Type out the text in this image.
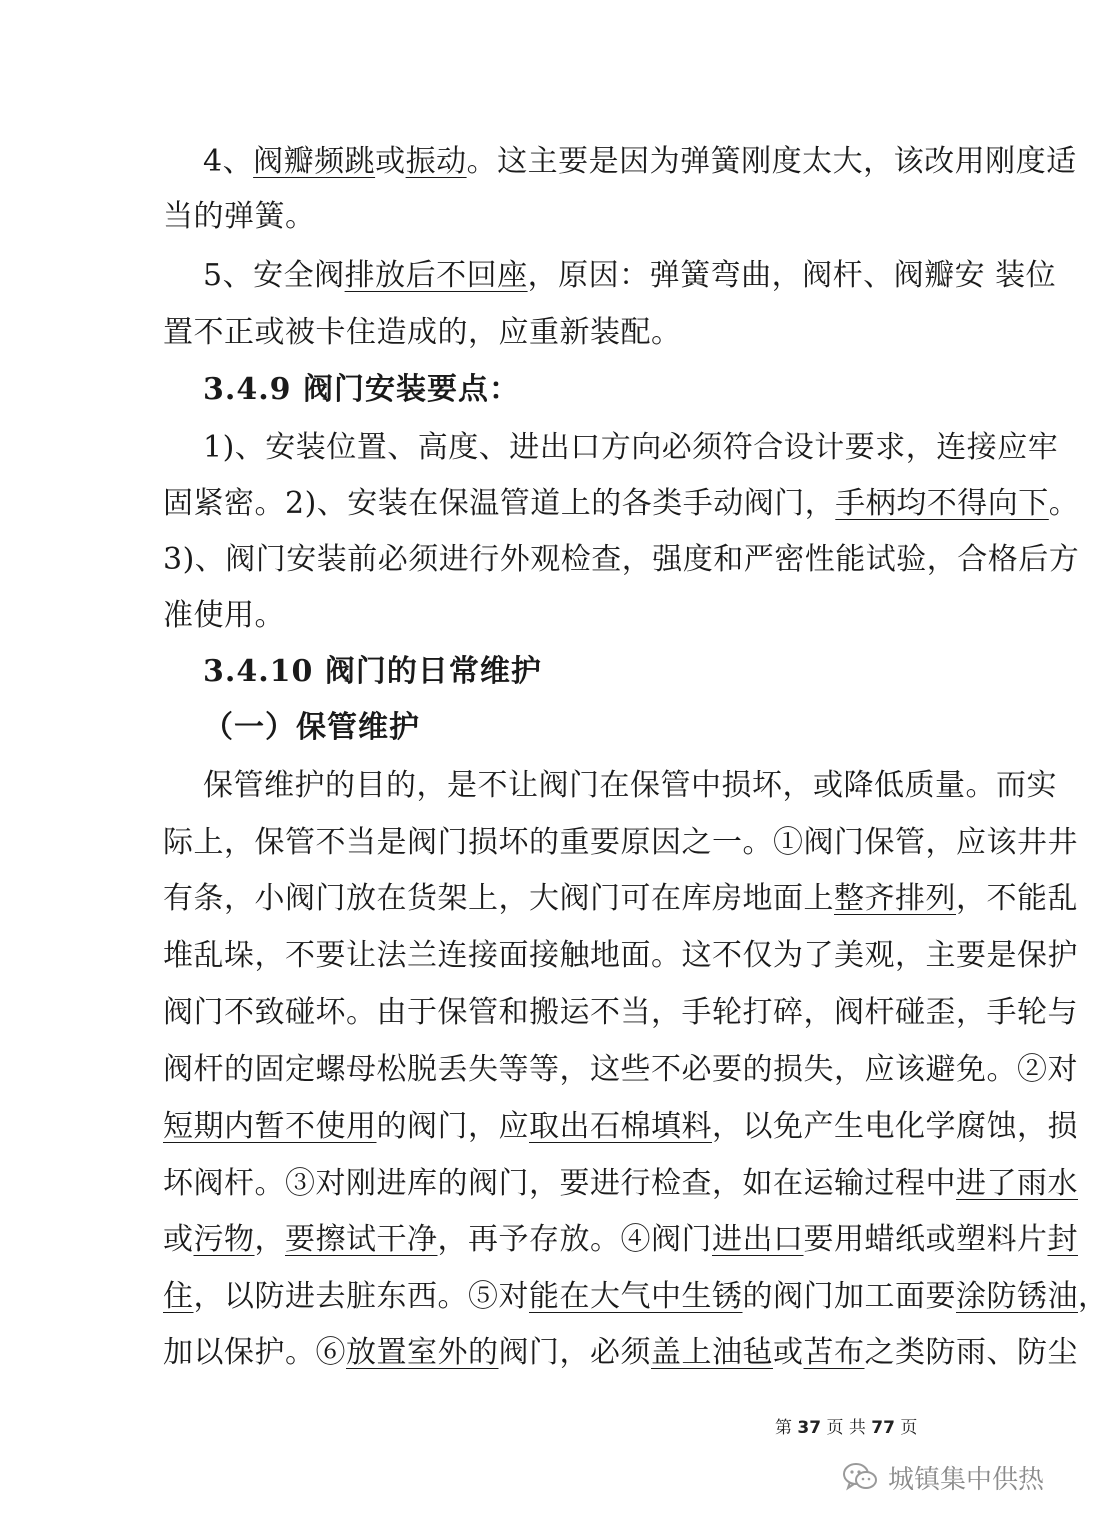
4、阀瓣频跳或振动。这主要是因为弹簧刚度太大，该改用刚度适
当的弹簧。
5、安全阀排放后不回座，原因：弹簧弯曲，阀杆、阀瓣安 装位
置不正或被卡住造成的，应重新装配。
3.4.9 阀门安装要点：
1)、安装位置、高度、进出口方向必须符合设计要求，连接应牢
固紧密。2)、安装在保温管道上的各类手动阀门，手柄均不得向下。
3)、阀门安装前必须进行外观检查，强度和严密性能试验，合格后方
准使用。
3.4.10 阀门的日常维护
（一）保管维护
保管维护的目的，是不让阀门在保管中损坏，或降低质量。而实
际上，保管不当是阀门损坏的重要原因之一。①阀门保管，应该井井
有条，小阀门放在货架上，大阀门可在库房地面上整齐排列，不能乱
堆乱垛，不要让法兰连接面接触地面。这不仅为了美观，主要是保护
阀门不致碰坏。由于保管和搬运不当，手轮打碎，阀杆碰歪，手轮与
阀杆的固定螺母松脱丢失等等，这些不必要的损失，应该避免。②对
短期内暂不使用的阀门，应取出石棉填料，以免产生电化学腐蚀，损
坏阀杆。③对刚进库的阀门，要进行检查，如在运输过程中进了雨水
或污物，要擦试干净，再予存放。④阀门进出口要用蜡纸或塑料片封
住，以防进去脏东西。⑤对能在大气中生锈的阀门加工面要涂防锈油，
加以保护。⑥放置室外的阀门，必须盖上油毡或苫布之类防雨、防尘
第 37 页 共 77 页
城镇集中供热
